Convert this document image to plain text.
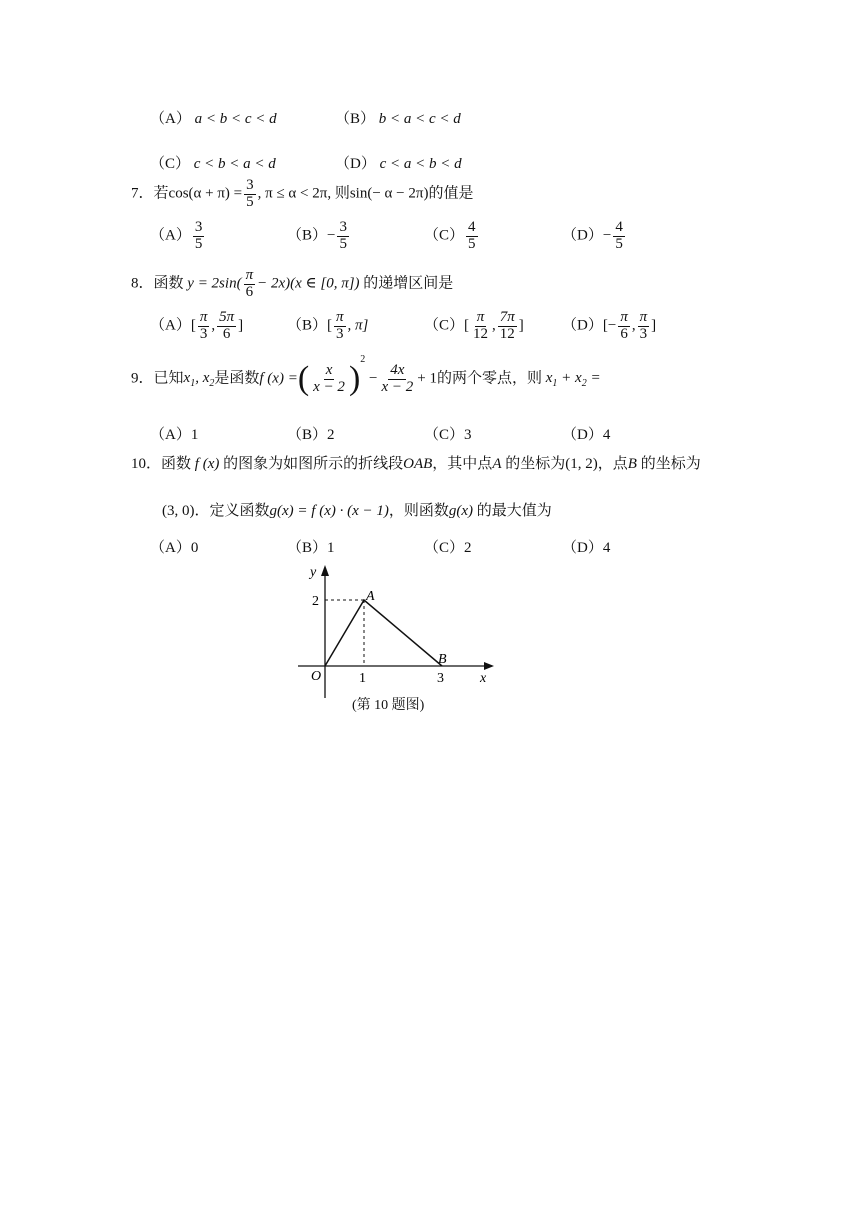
（A） a < b < c < d	（B） b < a < c < d
（C） c < b < a < d	（D） c < a < b < d
7．若$\cos(\alpha + \pi) = \frac{3}{5}$ , π ≤ α < 2π, 则sin(− α − 2π)的值是
$(A) \frac{3}{5}$	$(B)- \frac{3}{5}$	$(C) \frac{4}{5}$	$(D)- \frac{4}{5}$
8．函数 $y = 2\sin( \frac{\pi}{6} - 2x)(x$ ∈ [0, π]) 的递增区间是
$(A)[ \frac{\pi}{3}$ , $\frac{5\pi}{6}$ ]	$(B)[ \frac{\pi}{3}$ , π]	$(C)[ \frac{\pi}{12}$ , $\frac{7\pi}{12}$ ]	$(D)[- \frac{\pi}{6}$ , $\frac{\pi}{3}$ ]
9．已知$x_1$, $x_2$是函数f (x) =( $\frac{x}{x - 2} )^2 - \frac{4x}{x - 2} + 1$的两个零点，则 $x_1 + x_2$ =
（A）1	（B）2	（C）3	（D）4
10．函数 f (x) 的图象为如图所示的折线段OAB，其中点A 的坐标为(1, 2)，点B 的坐标为
(3, 0)．定义函数g(x) = f (x) · (x − 1)，则函数g(x) 的最大值为
（A）0	（B）1	（C）2	（D）4
y
x
O
A
B
2
1	3
(第 10 题图)
